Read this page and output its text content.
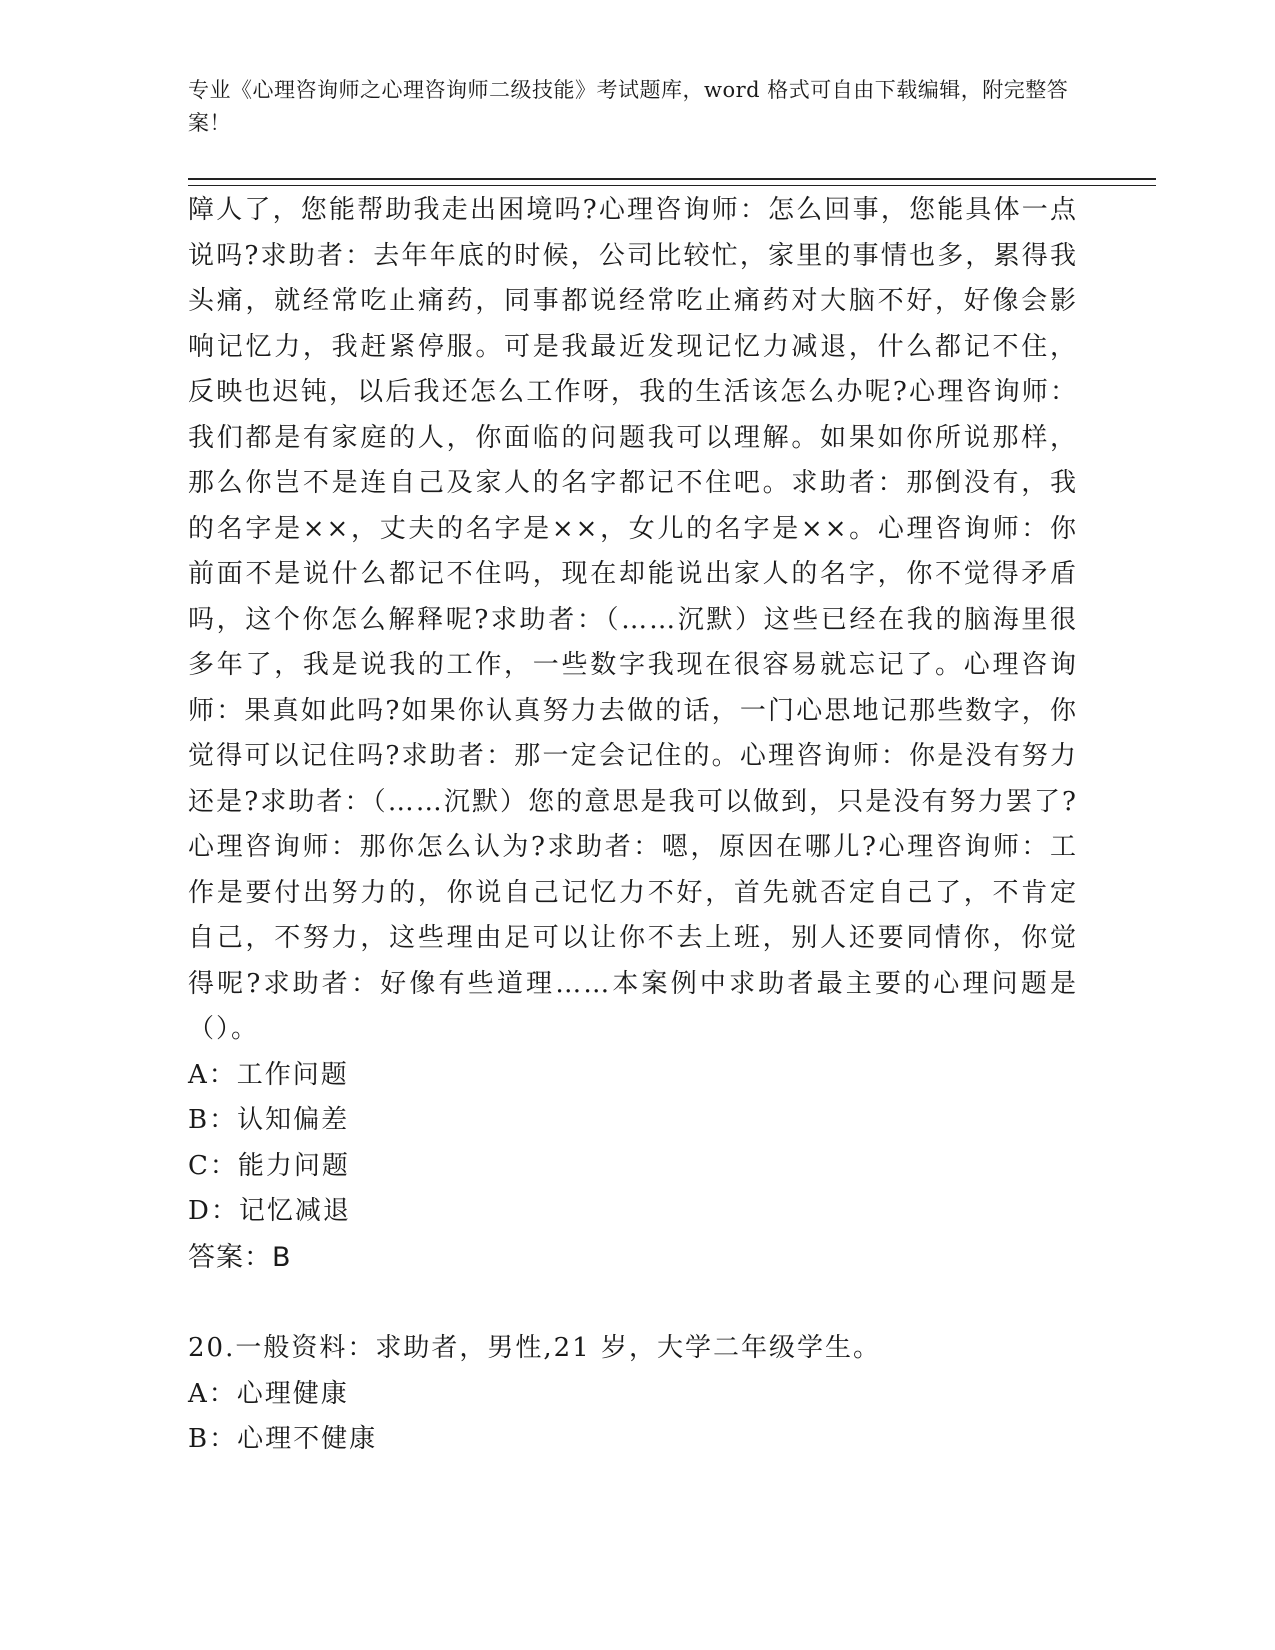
专业《心理咨询师之心理咨询师二级技能》考试题库，word 格式可自由下载编辑，附完整答案！

障人了，您能帮助我走出困境吗?心理咨询师：怎么回事，您能具体一点说吗?求助者：去年年底的时候，公司比较忙，家里的事情也多，累得我头痛，就经常吃止痛药，同事都说经常吃止痛药对大脑不好，好像会影响记忆力，我赶紧停服。可是我最近发现记忆力减退，什么都记不住，反映也迟钝，以后我还怎么工作呀，我的生活该怎么办呢?心理咨询师：我们都是有家庭的人，你面临的问题我可以理解。如果如你所说那样，那么你岂不是连自己及家人的名字都记不住吧。求助者：那倒没有，我的名字是××，丈夫的名字是××，女儿的名字是××。心理咨询师：你前面不是说什么都记不住吗，现在却能说出家人的名字，你不觉得矛盾吗，这个你怎么解释呢?求助者：（……沉默）这些已经在我的脑海里很多年了，我是说我的工作，一些数字我现在很容易就忘记了。心理咨询师：果真如此吗?如果你认真努力去做的话，一门心思地记那些数字，你觉得可以记住吗?求助者：那一定会记住的。心理咨询师：你是没有努力还是?求助者：（……沉默）您的意思是我可以做到，只是没有努力罢了?心理咨询师：那你怎么认为?求助者：嗯，原因在哪儿?心理咨询师：工作是要付出努力的，你说自己记忆力不好，首先就否定自己了，不肯定自己，不努力，这些理由足可以让你不去上班，别人还要同情你，你觉得呢?求助者：好像有些道理……本案例中求助者最主要的心理问题是（）。

A：工作问题

B：认知偏差

C：能力问题

D：记忆减退

答案：B

20.一般资料：求助者，男性,21 岁，大学二年级学生。

A：心理健康

B：心理不健康
